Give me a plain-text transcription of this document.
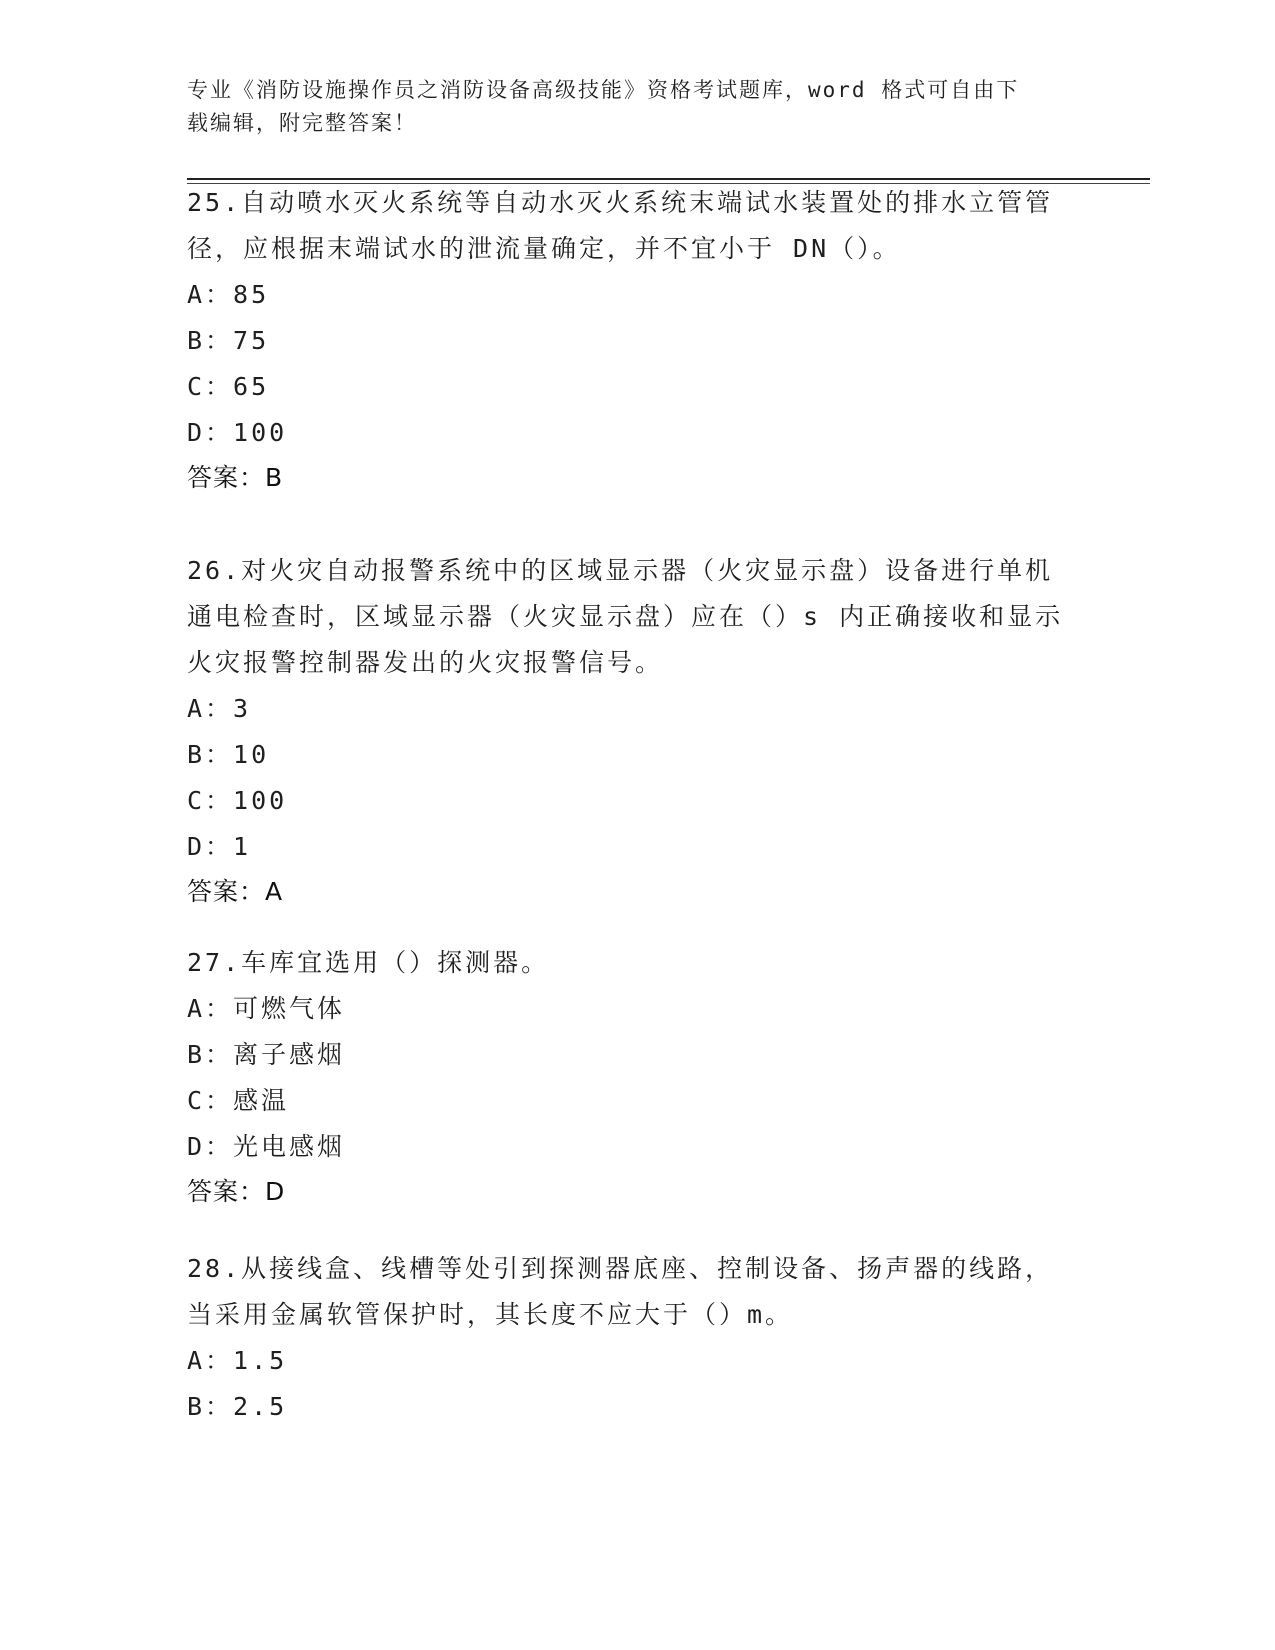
专业《消防设施操作员之消防设备高级技能》资格考试题库，word 格式可自由下
载编辑，附完整答案！
25.自动喷水灭火系统等自动水灭火系统末端试水装置处的排水立管管
径，应根据末端试水的泄流量确定，并不宜小于 DN（）。
A：85
B：75
C：65
D：100
答案：B
26.对火灾自动报警系统中的区域显示器（火灾显示盘）设备进行单机
通电检查时，区域显示器（火灾显示盘）应在（）s 内正确接收和显示
火灾报警控制器发出的火灾报警信号。
A：3
B：10
C：100
D：1
答案：A
27.车库宜选用（）探测器。
A：可燃气体
B：离子感烟
C：感温
D：光电感烟
答案：D
28.从接线盒、线槽等处引到探测器底座、控制设备、扬声器的线路，
当采用金属软管保护时，其长度不应大于（）m。
A：1.5
B：2.5
